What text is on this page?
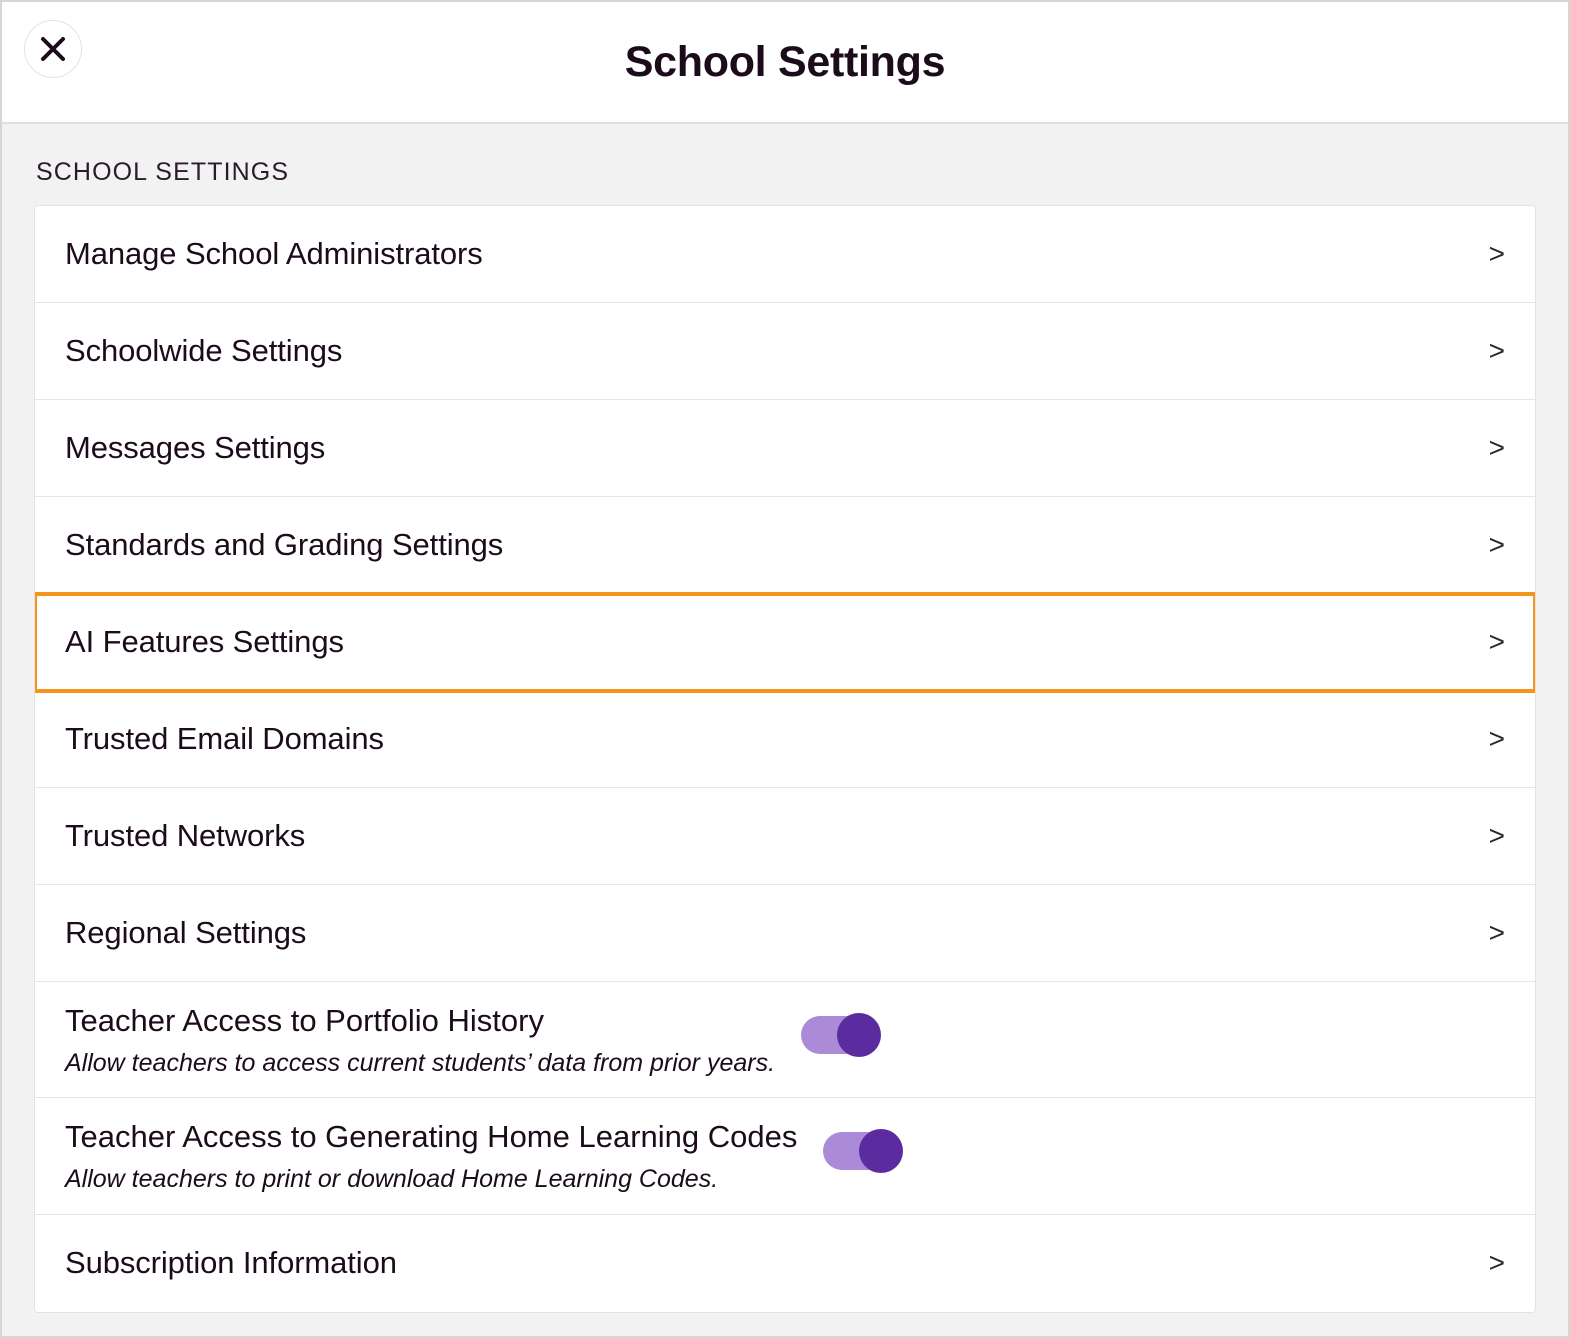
School Settings
SCHOOL SETTINGS
Manage School Administrators	>
Schoolwide Settings	>
Messages Settings	>
Standards and Grading Settings	>
AI Features Settings	>
Trusted Email Domains	>
Trusted Networks	>
Regional Settings	>
Teacher Access to Portfolio History
Allow teachers to access current students’ data from prior years.
Teacher Access to Generating Home Learning Codes
Allow teachers to print or download Home Learning Codes.
Subscription Information	>
